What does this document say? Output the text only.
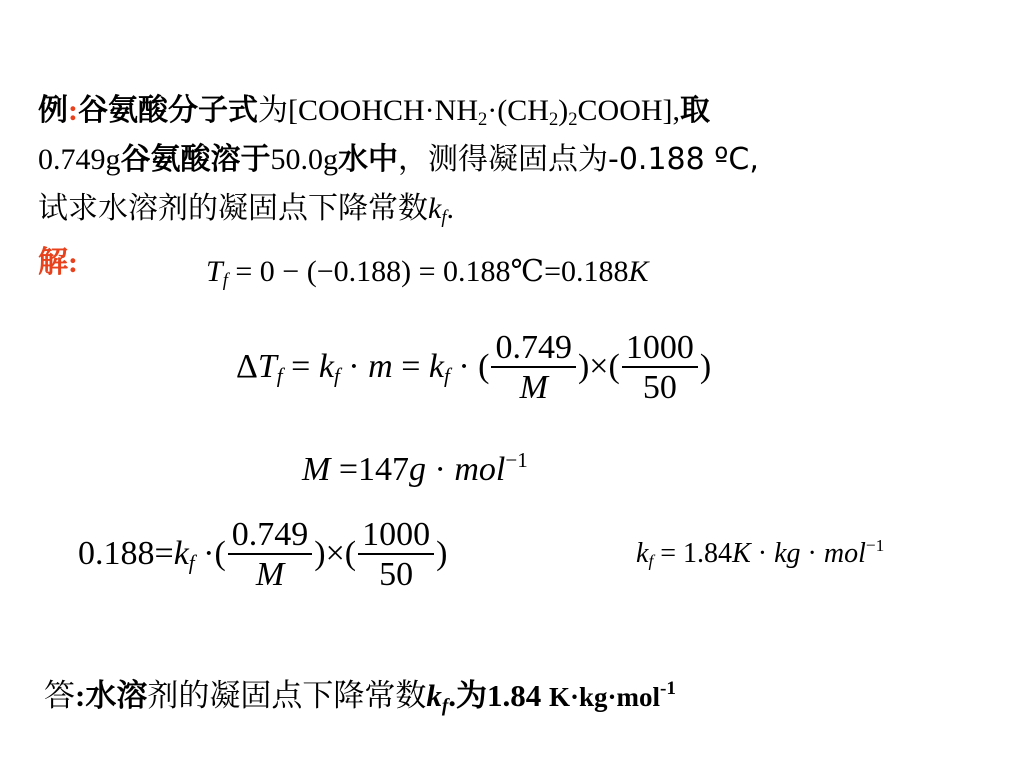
例:谷氨酸分子式为$[COOHCH\cdot NH_2\cdot(CH_2)_2COOH]$,取
0.749g谷氨酸溶于50.0g水中，测得凝固点为-0.188 ºC,
试求水溶剂的凝固点下降常数$k_f$.
解:	$T_f = 0 - (-0.188)$ = 0.188℃=0.188K
$\Delta T_f = k_f \cdot m = k_f$ · ( $\frac{0.749}{M}$ )×( $\frac{1000}{50}$ )
M =147g · mol$^{-1}$
$0.188=k_f$ ·( $\frac{0.749}{M}$ )×( $\frac{1000}{50}$ )	$k_f = 1.84K$ · kg · mol$^{-1}$
答:水溶剂的凝固点下降常数$k_f$.为1.84 K·kg·mol$^{-1}$
